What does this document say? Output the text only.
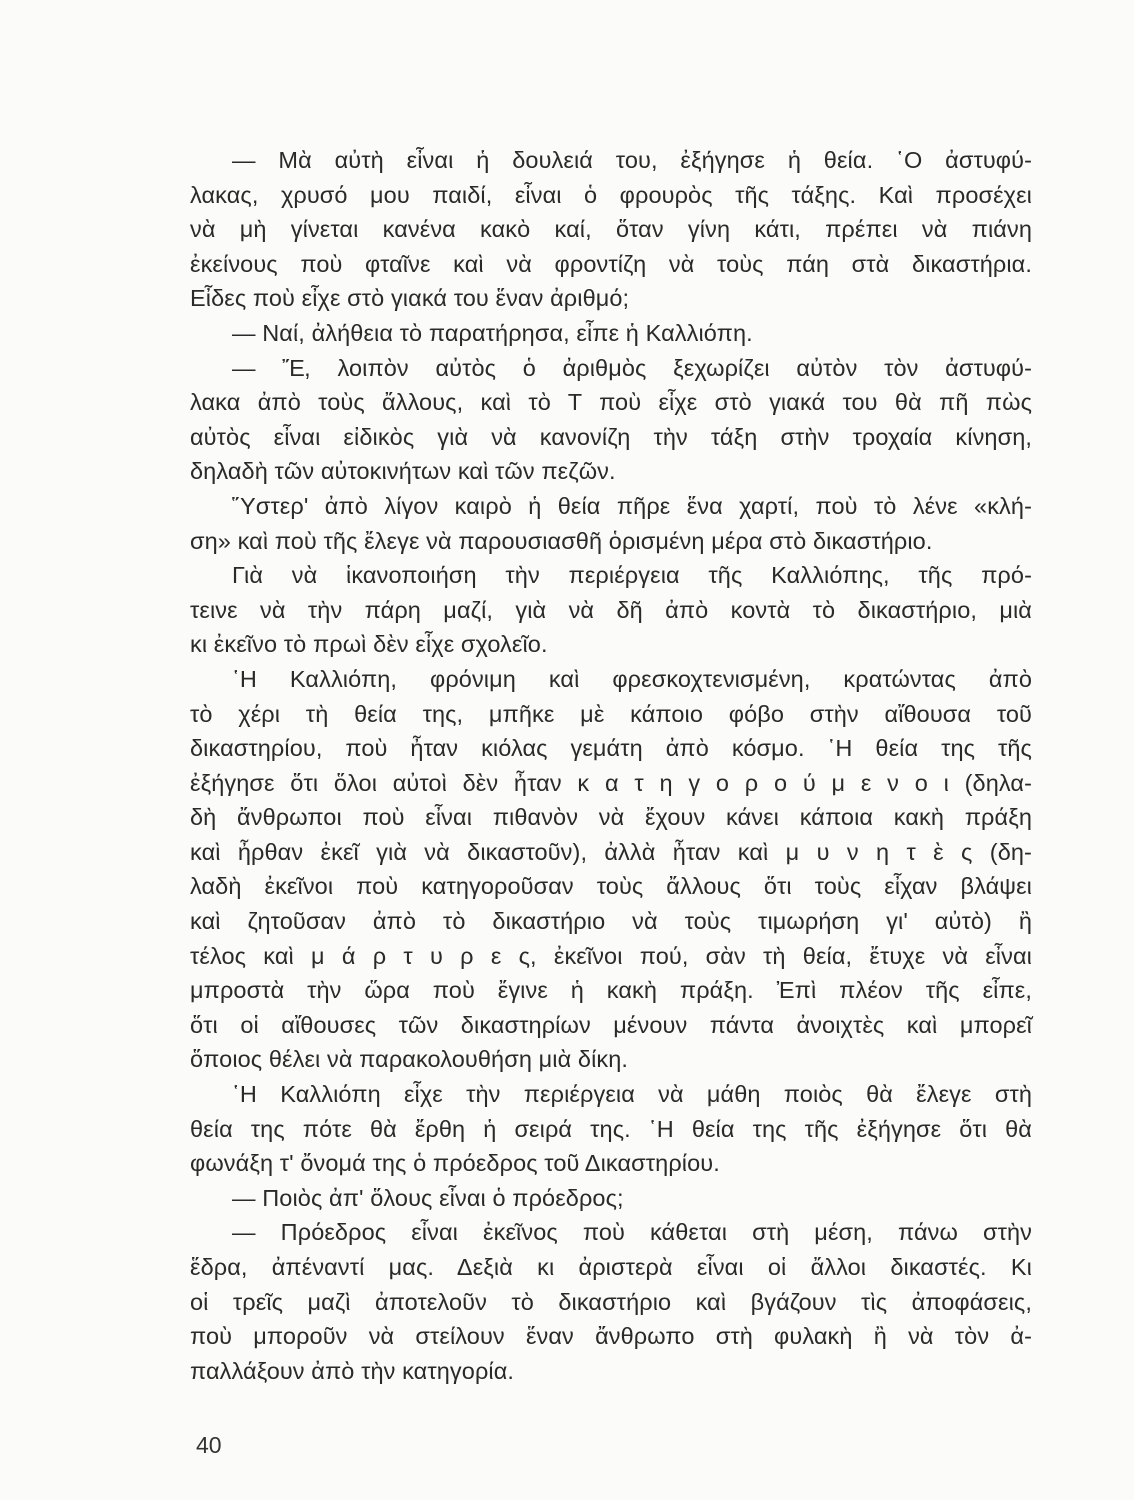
— Μὰ αὐτὴ εἶναι ἡ δουλειά του, ἐξήγησε ἡ θεία. ῾Ο ἀστυφύ-
λακας, χρυσό μου παιδί, εἶναι ὁ φρουρὸς τῆς τάξης. Καὶ προσέχει
νὰ μὴ γίνεται κανένα κακὸ καί, ὅταν γίνη κάτι, πρέπει νὰ πιάνη
ἐκείνους ποὺ φταῖνε καὶ νὰ φροντίζη νὰ τοὺς πάη στὰ δικαστήρια.
Εἶδες ποὺ εἶχε στὸ γιακά του ἕναν ἀριθμό;
— Ναί, ἀλήθεια τὸ παρατήρησα, εἶπε ἡ Καλλιόπη.
— Ἔ, λοιπὸν αὐτὸς ὁ ἀριθμὸς ξεχωρίζει αὐτὸν τὸν ἀστυφύ-
λακα ἀπὸ τοὺς ἄλλους, καὶ τὸ Τ ποὺ εἶχε στὸ γιακά του θὰ πῆ πὼς
αὐτὸς εἶναι εἰδικὸς γιὰ νὰ κανονίζη τὴν τάξη στὴν τροχαία κίνηση,
δηλαδὴ τῶν αὐτοκινήτων καὶ τῶν πεζῶν.
Ὕστερ' ἀπὸ λίγον καιρὸ ἡ θεία πῆρε ἕνα χαρτί, ποὺ τὸ λένε «κλή-
ση» καὶ ποὺ τῆς ἔλεγε νὰ παρουσιασθῆ ὁρισμένη μέρα στὸ δικαστήριο.
Γιὰ νὰ ἱκανοποιήση τὴν περιέργεια τῆς Καλλιόπης, τῆς πρό-
τεινε νὰ τὴν πάρη μαζί, γιὰ νὰ δῆ ἀπὸ κοντὰ τὸ δικαστήριο, μιὰ
κι ἐκεῖνο τὸ πρωὶ δὲν εἶχε σχολεῖο.
῾Η Καλλιόπη, φρόνιμη καὶ φρεσκοχτενισμένη, κρατώντας ἀπὸ
τὸ χέρι τὴ θεία της, μπῆκε μὲ κάποιο φόβο στὴν αἴθουσα τοῦ
δικαστηρίου, ποὺ ἦταν κιόλας γεμάτη ἀπὸ κόσμο. ῾Η θεία της τῆς
ἐξήγησε ὅτι ὅλοι αὐτοὶ δὲν ἦταν κ α τ η γ ο ρ ο ύ μ ε ν ο ι (δηλα-
δὴ ἄνθρωποι ποὺ εἶναι πιθανὸν νὰ ἔχουν κάνει κάποια κακὴ πράξη
καὶ ἦρθαν ἐκεῖ γιὰ νὰ δικαστοῦν), ἀλλὰ ἦταν καὶ μ υ ν η τ ὲ ς (δη-
λαδὴ ἐκεῖνοι ποὺ κατηγοροῦσαν τοὺς ἄλλους ὅτι τοὺς εἶχαν βλάψει
καὶ ζητοῦσαν ἀπὸ τὸ δικαστήριο νὰ τοὺς τιμωρήση γι' αὐτὸ) ἢ
τέλος καὶ μ ά ρ τ υ ρ ε ς, ἐκεῖνοι πού, σὰν τὴ θεία, ἔτυχε νὰ εἶναι
μπροστὰ τὴν ὥρα ποὺ ἔγινε ἡ κακὴ πράξη. Ἐπὶ πλέον τῆς εἶπε,
ὅτι οἱ αἴθουσες τῶν δικαστηρίων μένουν πάντα ἀνοιχτὲς καὶ μπορεῖ
ὅποιος θέλει νὰ παρακολουθήση μιὰ δίκη.
῾Η Καλλιόπη εἶχε τὴν περιέργεια νὰ μάθη ποιὸς θὰ ἔλεγε στὴ
θεία της πότε θὰ ἔρθη ἡ σειρά της. ῾Η θεία της τῆς ἐξήγησε ὅτι θὰ
φωνάξη τ' ὄνομά της ὁ πρόεδρος τοῦ Δικαστηρίου.
— Ποιὸς ἀπ' ὅλους εἶναι ὁ πρόεδρος;
— Πρόεδρος εἶναι ἐκεῖνος ποὺ κάθεται στὴ μέση, πάνω στὴν
ἕδρα, ἀπέναντί μας. Δεξιὰ κι ἀριστερὰ εἶναι οἱ ἄλλοι δικαστές. Κι
οἱ τρεῖς μαζὶ ἀποτελοῦν τὸ δικαστήριο καὶ βγάζουν τὶς ἀποφάσεις,
ποὺ μποροῦν νὰ στείλουν ἕναν ἄνθρωπο στὴ φυλακὴ ἢ νὰ τὸν ἀ-
παλλάξουν ἀπὸ τὴν κατηγορία.
40
